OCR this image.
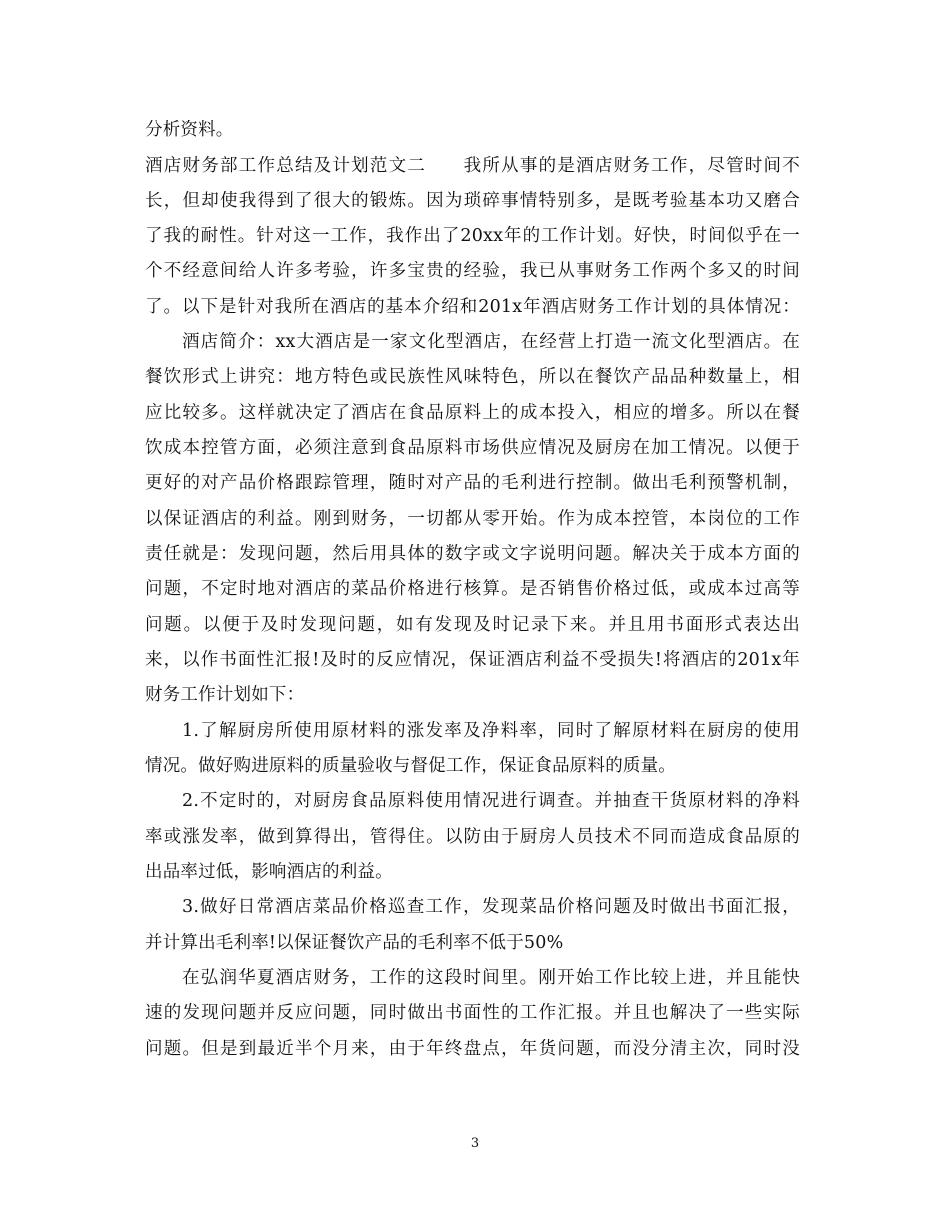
分析资料。
酒店财务部工作总结及计划范文二　　我所从事的是酒店财务工作，尽管时间不
长，但却使我得到了很大的锻炼。因为琐碎事情特别多，是既考验基本功又磨合
了我的耐性。针对这一工作，我作出了20xx年的工作计划。好快，时间似乎在一
个不经意间给人许多考验，许多宝贵的经验，我已从事财务工作两个多又的时间
了。以下是针对我所在酒店的基本介绍和201x年酒店财务工作计划的具体情况：
酒店简介：xx大酒店是一家文化型酒店，在经营上打造一流文化型酒店。在
餐饮形式上讲究：地方特色或民族性风味特色，所以在餐饮产品品种数量上，相
应比较多。这样就决定了酒店在食品原料上的成本投入，相应的增多。所以在餐
饮成本控管方面，必须注意到食品原料市场供应情况及厨房在加工情况。以便于
更好的对产品价格跟踪管理，随时对产品的毛利进行控制。做出毛利预警机制，
以保证酒店的利益。刚到财务，一切都从零开始。作为成本控管，本岗位的工作
责任就是：发现问题，然后用具体的数字或文字说明问题。解决关于成本方面的
问题，不定时地对酒店的菜品价格进行核算。是否销售价格过低，或成本过高等
问题。以便于及时发现问题，如有发现及时记录下来。并且用书面形式表达出
来，以作书面性汇报!及时的反应情况，保证酒店利益不受损失!将酒店的201x年
财务工作计划如下：
1.了解厨房所使用原材料的涨发率及净料率，同时了解原材料在厨房的使用
情况。做好购进原料的质量验收与督促工作，保证食品原料的质量。
2.不定时的，对厨房食品原料使用情况进行调查。并抽查干货原材料的净料
率或涨发率，做到算得出，管得住。以防由于厨房人员技术不同而造成食品原的
出品率过低，影响酒店的利益。
3.做好日常酒店菜品价格巡查工作，发现菜品价格问题及时做出书面汇报，
并计算出毛利率!以保证餐饮产品的毛利率不低于50%
在弘润华夏酒店财务，工作的这段时间里。刚开始工作比较上进，并且能快
速的发现问题并反应问题，同时做出书面性的工作汇报。并且也解决了一些实际
问题。但是到最近半个月来，由于年终盘点，年货问题，而没分清主次，同时没
3
